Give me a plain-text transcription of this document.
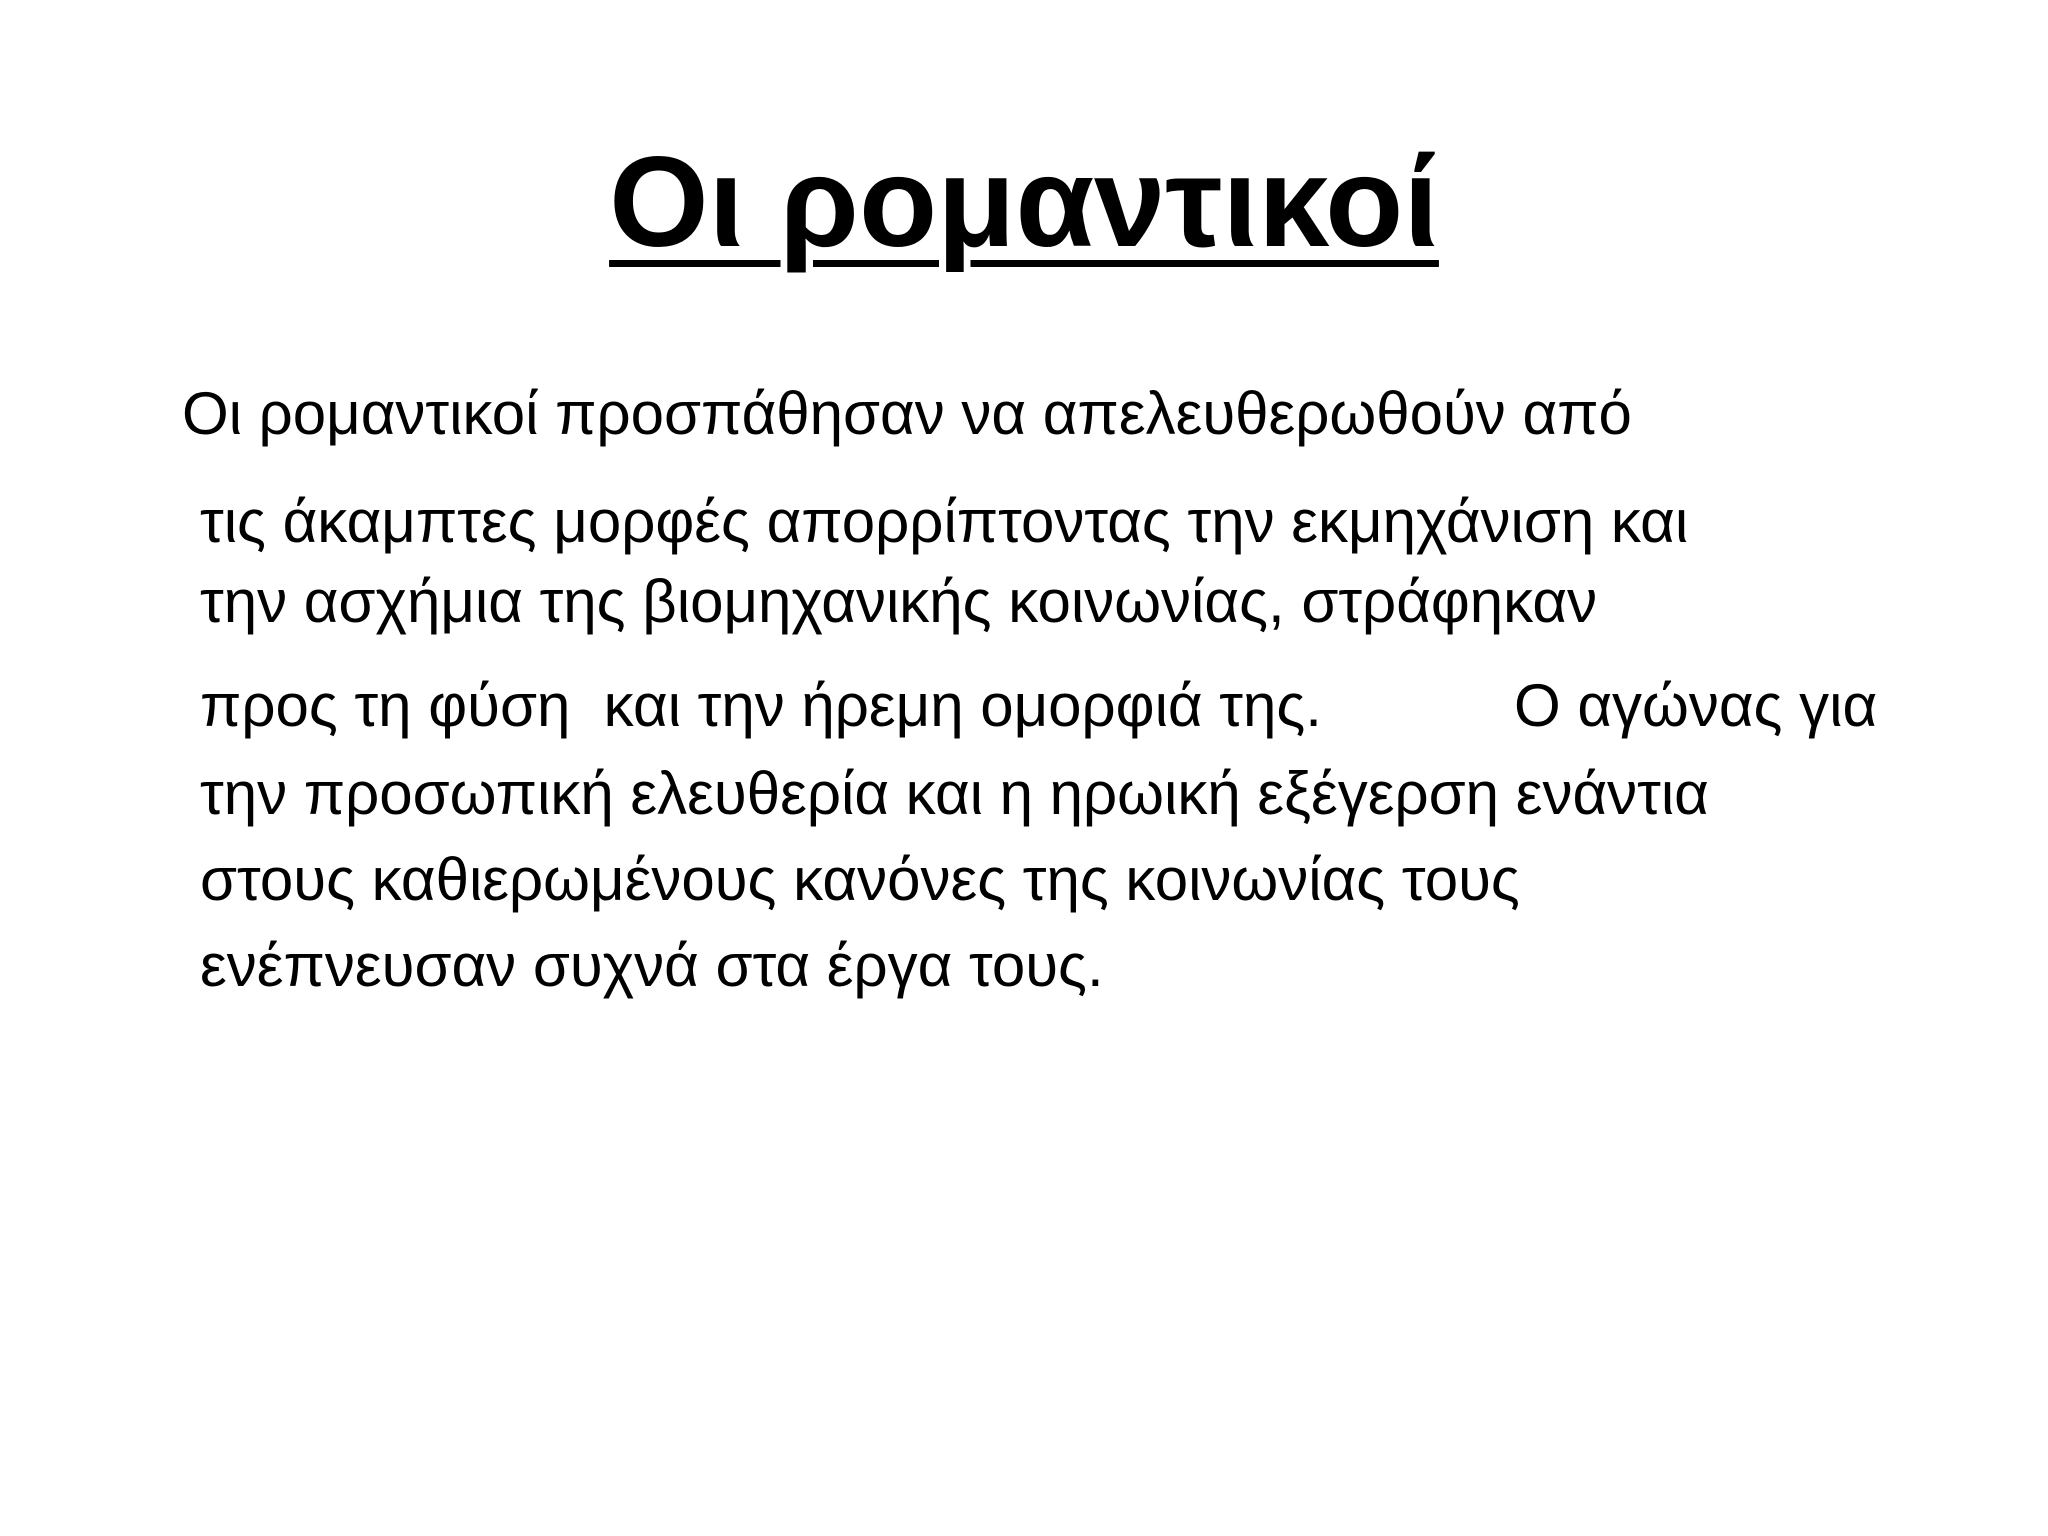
Οι ρομαντικοί
Οι ρομαντικοί προσπάθησαν να απελευθερωθούν από
τις άκαμπτες μορφές απορρίπτοντας την εκμηχάνιση και
την ασχήμια της βιομηχανικής κοινωνίας, στράφηκαν
προς τη φύση  και την ήρεμη ομορφιά της.	Ο αγώνας για
την προσωπική ελευθερία και η ηρωική εξέγερση ενάντια
στους καθιερωμένους κανόνες της κοινωνίας τους
ενέπνευσαν συχνά στα έργα τους.
